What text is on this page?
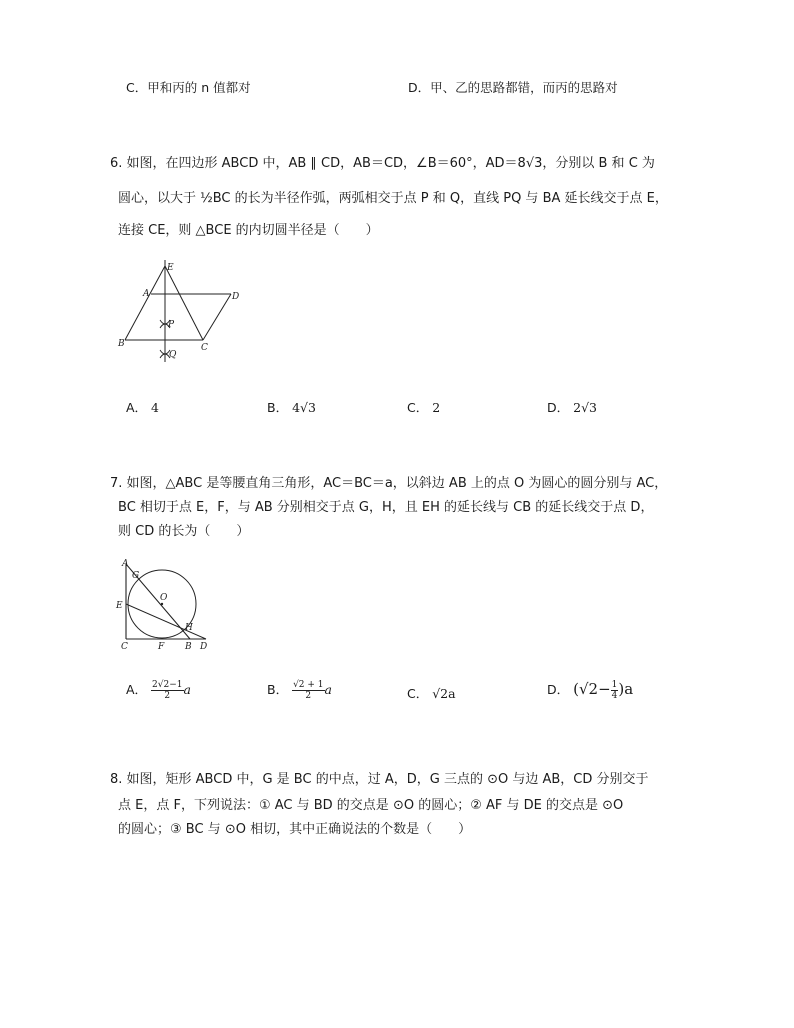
C．甲和丙的 n 值都对	D．甲、乙的思路都错，而丙的思路对
6. 如图，在四边形 ABCD 中，AB ∥ CD，AB＝CD，∠B＝60°，AD＝8√3，分别以 B 和 C 为
圆心，以大于 ½BC 的长为半径作弧，两弧相交于点 P 和 Q，直线 PQ 与 BA 延长线交于点 E，
连接 CE，则 △BCE 的内切圆半径是（　　）
E
A	D
P
B	C
Q
A． 4	B． 4√3	C． 2	D． 2√3
7. 如图，△ABC 是等腰直角三角形，AC＝BC＝a，以斜边 AB 上的点 O 为圆心的圆分别与 AC，
BC 相切于点 E，F，与 AB 分别相交于点 G，H，且 EH 的延长线与 CB 的延长线交于点 D，
则 CD 的长为（　　）
A
G
O
E
H
C	F B D
A． $\frac{2√2-1}{2}$ a	B． $\frac{√2 + 1}{2}$ a	C． √2a	D． $(√2- \frac{1}{4} )a$
8. 如图，矩形 ABCD 中，G 是 BC 的中点，过 A，D，G 三点的 ⊙O 与边 AB，CD 分别交于
点 E，点 F，下列说法：① AC 与 BD 的交点是 ⊙O 的圆心；② AF 与 DE 的交点是 ⊙O
的圆心；③ BC 与 ⊙O 相切，其中正确说法的个数是（　　）
